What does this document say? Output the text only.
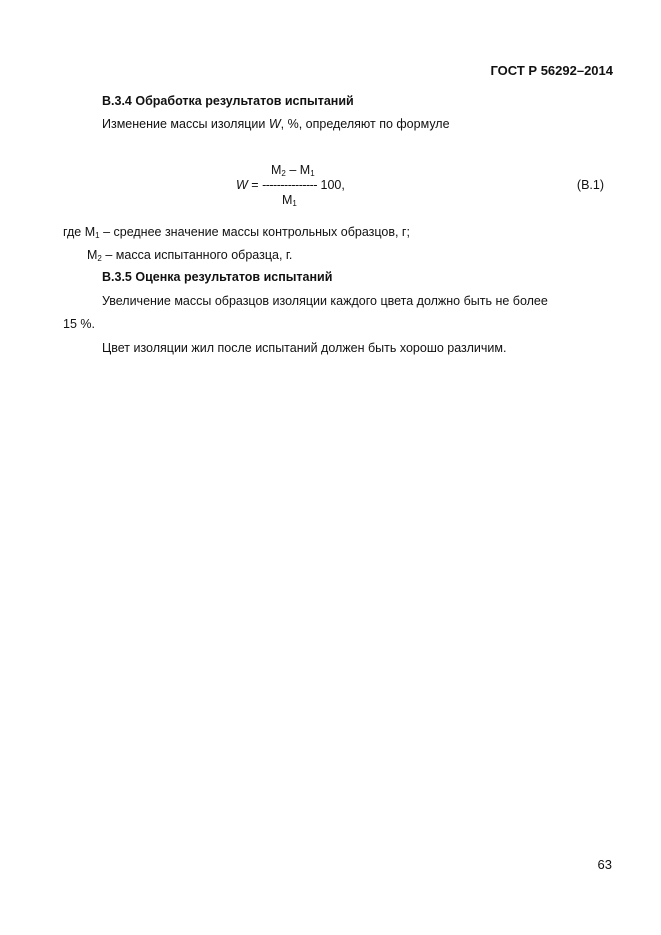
ГОСТ Р 56292–2014
В.3.4 Обработка результатов испытаний
Изменение массы изоляции W, %, определяют по формуле
$M_2 - M_1$
W = --------------- 100,
$M_1$
(В.1)
где $M_1$ – среднее значение массы контрольных образцов, г;
$M_2$ – масса испытанного образца, г.
В.3.5 Оценка результатов испытаний
Увеличение массы образцов изоляции каждого цвета должно быть не более
15 %.
Цвет изоляции жил после испытаний должен быть хорошо различим.
63
